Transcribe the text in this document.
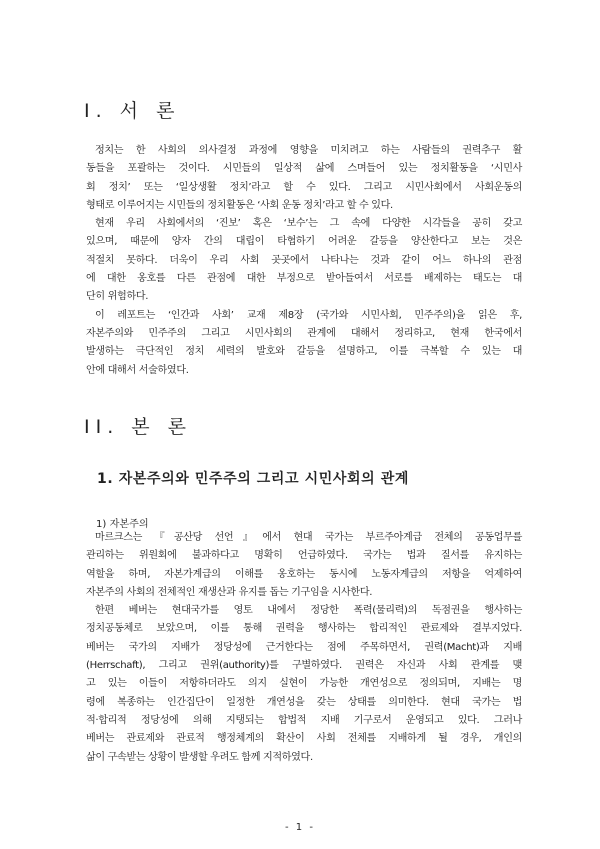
I. 서 론

정치는 한 사회의 의사결정 과정에 영향을 미치려고 하는 사람들의 권력추구 활
동들을 포괄하는 것이다. 시민들의 일상적 삶에 스며들어 있는 정치활동을 ‘시민사
회 정치’ 또는 ‘일상생활 정치’라고 할 수 있다. 그리고 시민사회에서 사회운동의
형태로 이루어지는 시민들의 정치활동은 ‘사회 운동 정치’라고 할 수 있다.

현재 우리 사회에서의 ‘진보’ 혹은 ‘보수’는 그 속에 다양한 시각들을 공히 갖고
있으며, 때문에 양자 간의 대립이 타협하기 어려운 갈등을 양산한다고 보는 것은
적절치 못하다. 더욱이 우리 사회 곳곳에서 나타나는 것과 같이 어느 하나의 관점
에 대한 옹호를 다른 관점에 대한 부정으로 받아들여서 서로를 배제하는 태도는 대
단히 위험하다.

이 레포트는 ‘인간과 사회’ 교재 제8장 (국가와 시민사회, 민주주의)을 읽은 후,
자본주의와 민주주의 그리고 시민사회의 관계에 대해서 정리하고, 현재 한국에서
발생하는 극단적인 정치 세력의 발호와 갈등을 설명하고, 이를 극복할 수 있는 대
안에 대해서 서술하였다.

II. 본 론
1. 자본주의와 민주주의 그리고 시민사회의 관계
1) 자본주의

마르크스는 『공산당 선언』에서 현대 국가는 부르주아계급 전체의 공동업무를
관리하는 위원회에 불과하다고 명확히 언급하였다. 국가는 법과 질서를 유지하는
역할을 하며, 자본가계급의 이해를 옹호하는 동시에 노동자계급의 저항을 억제하여
자본주의 사회의 전체적인 재생산과 유지를 돕는 기구임을 시사한다.

한편 베버는 현대국가를 영토 내에서 정당한 폭력(물리력)의 독점권을 행사하는
정치공동체로 보았으며, 이를 통해 권력을 행사하는 합리적인 관료제와 결부지었다.
베버는 국가의 지배가 정당성에 근거한다는 점에 주목하면서, 권력(Macht)과 지배
(Herrschaft), 그리고 권위(authority)를 구별하였다. 권력은 자신과 사회 관계를 맺
고 있는 이들이 저항하더라도 의지 실현이 가능한 개연성으로 정의되며, 지배는 명
령에 복종하는 인간집단이 일정한 개연성을 갖는 상태를 의미한다. 현대 국가는 법
적·합리적 정당성에 의해 지탱되는 합법적 지배 기구로서 운영되고 있다. 그러나
베버는 관료제와 관료적 행정체계의 확산이 사회 전체를 지배하게 될 경우, 개인의
삶이 구속받는 상황이 발생할 우려도 함께 지적하였다.

- 1 -
